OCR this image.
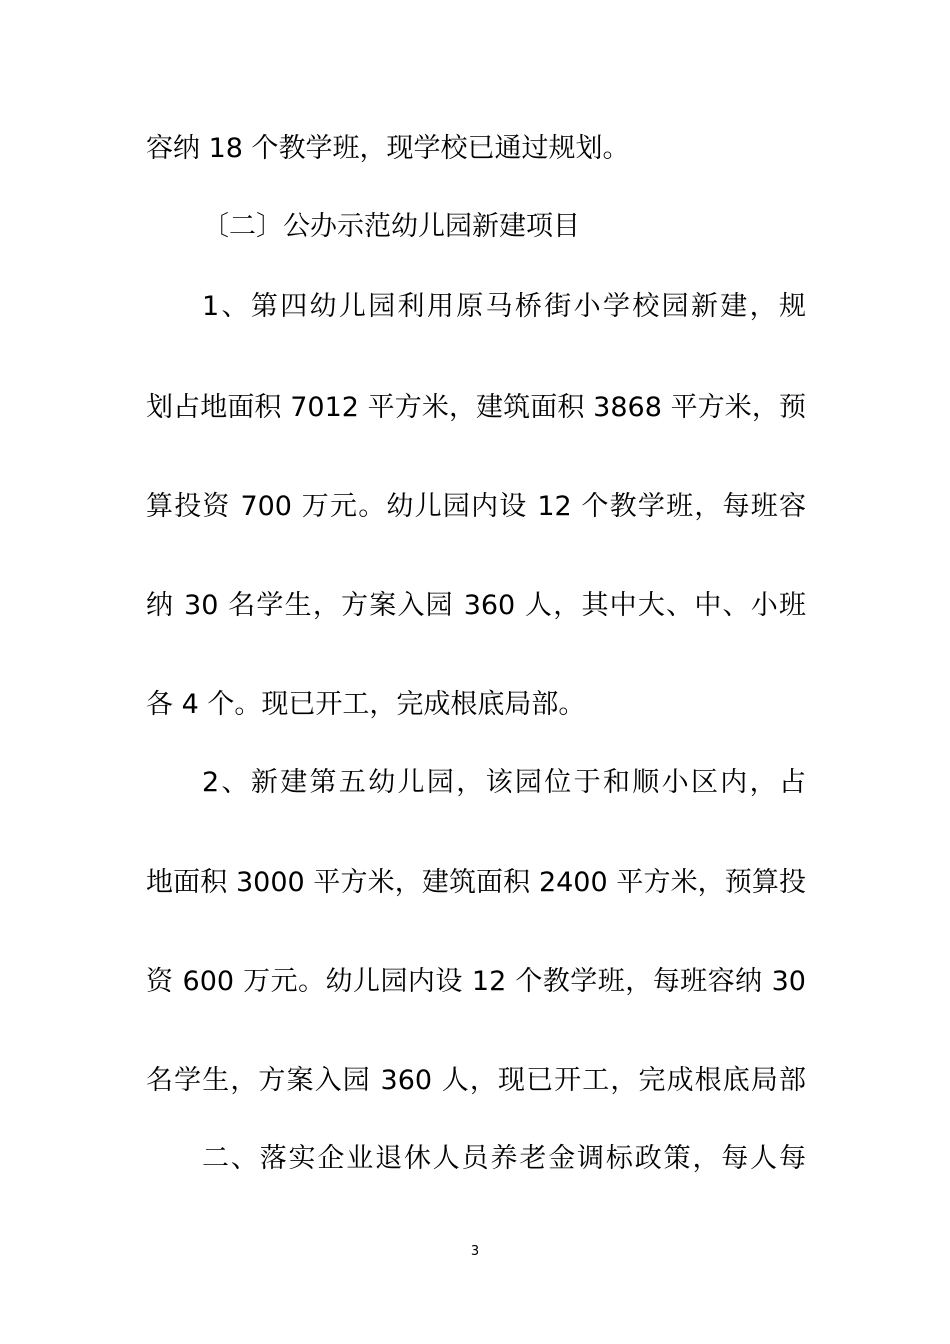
容纳 18 个教学班，现学校已通过规划。
〔二〕公办示范幼儿园新建项目
1、第四幼儿园利用原马桥街小学校园新建，规
划占地面积 7012 平方米，建筑面积 3868 平方米，预
算投资 700 万元。幼儿园内设 12 个教学班，每班容
纳 30 名学生，方案入园 360 人，其中大、中、小班
各 4 个。现已开工，完成根底局部。
2、新建第五幼儿园，该园位于和顺小区内，占
地面积 3000 平方米，建筑面积 2400 平方米，预算投
资 600 万元。幼儿园内设 12 个教学班，每班容纳 30
名学生，方案入园 360 人，现已开工，完成根底局部
二、落实企业退休人员养老金调标政策，每人每
3
